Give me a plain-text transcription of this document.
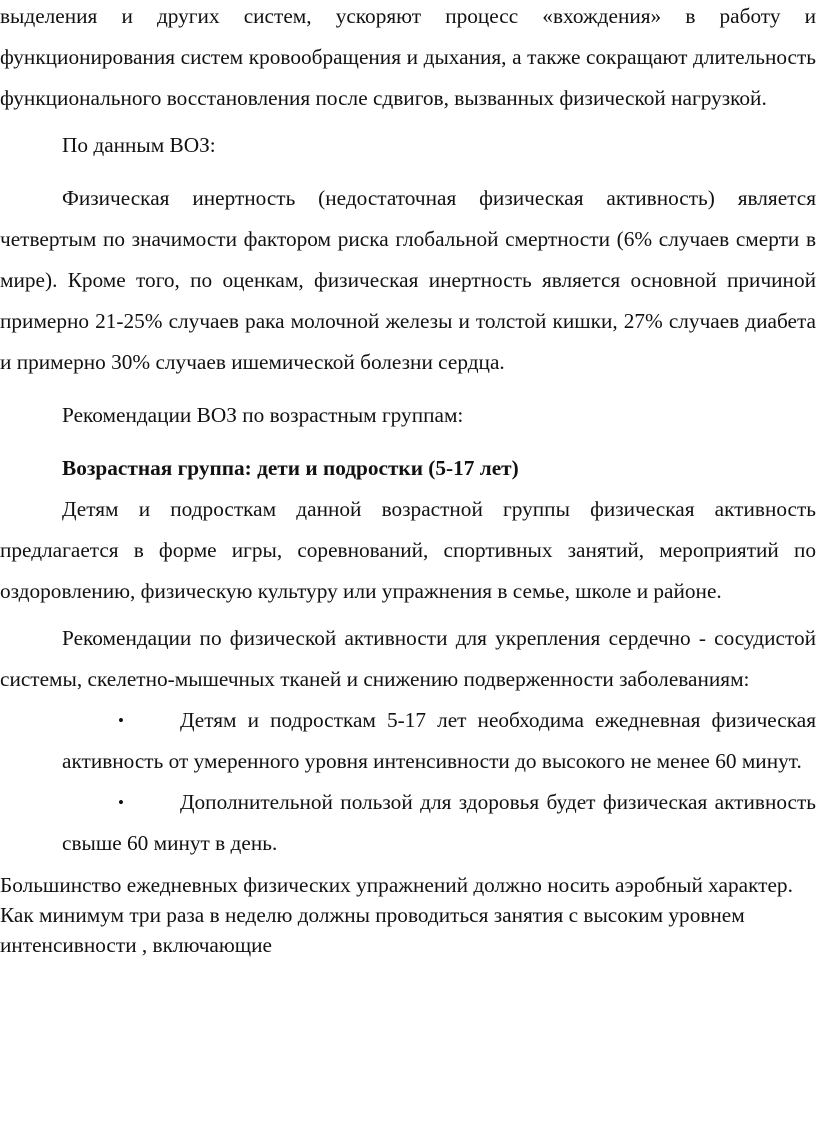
выделения и других систем, ускоряют процесс «вхождения» в работу и функционирования систем кровообращения и дыхания, а также сокращают длительность функционального восстановления после сдвигов, вызванных физической нагрузкой.

По данным ВОЗ:

Физическая инертность (недостаточная физическая активность) является четвертым по значимости фактором риска глобальной смертности (6% случаев смерти в мире). Кроме того, по оценкам, физическая инертность является основной причиной примерно 21-25% случаев рака молочной железы и толстой кишки, 27% случаев диабета и примерно 30% случаев ишемической болезни сердца.

Рекомендации ВОЗ по возрастным группам:

Возрастная группа: дети и подростки (5-17 лет)

Детям и подросткам данной возрастной группы физическая активность предлагается в форме игры, соревнований, спортивных занятий, мероприятий по оздоровлению, физическую культуру или упражнения в семье, школе и районе.

Рекомендации по физической активности для укрепления сердечно - сосудистой системы, скелетно-мышечных тканей и снижению подверженности заболеваниям:

•	Детям и подросткам 5-17 лет необходима ежедневная физическая активность от умеренного уровня интенсивности до высокого не менее 60 минут.
•	Дополнительной пользой для здоровья будет физическая активность свыше 60 минут в день.

Большинство ежедневных физических упражнений должно носить аэробный характер. Как минимум три раза в неделю должны проводиться занятия с высоким уровнем интенсивности , включающие
